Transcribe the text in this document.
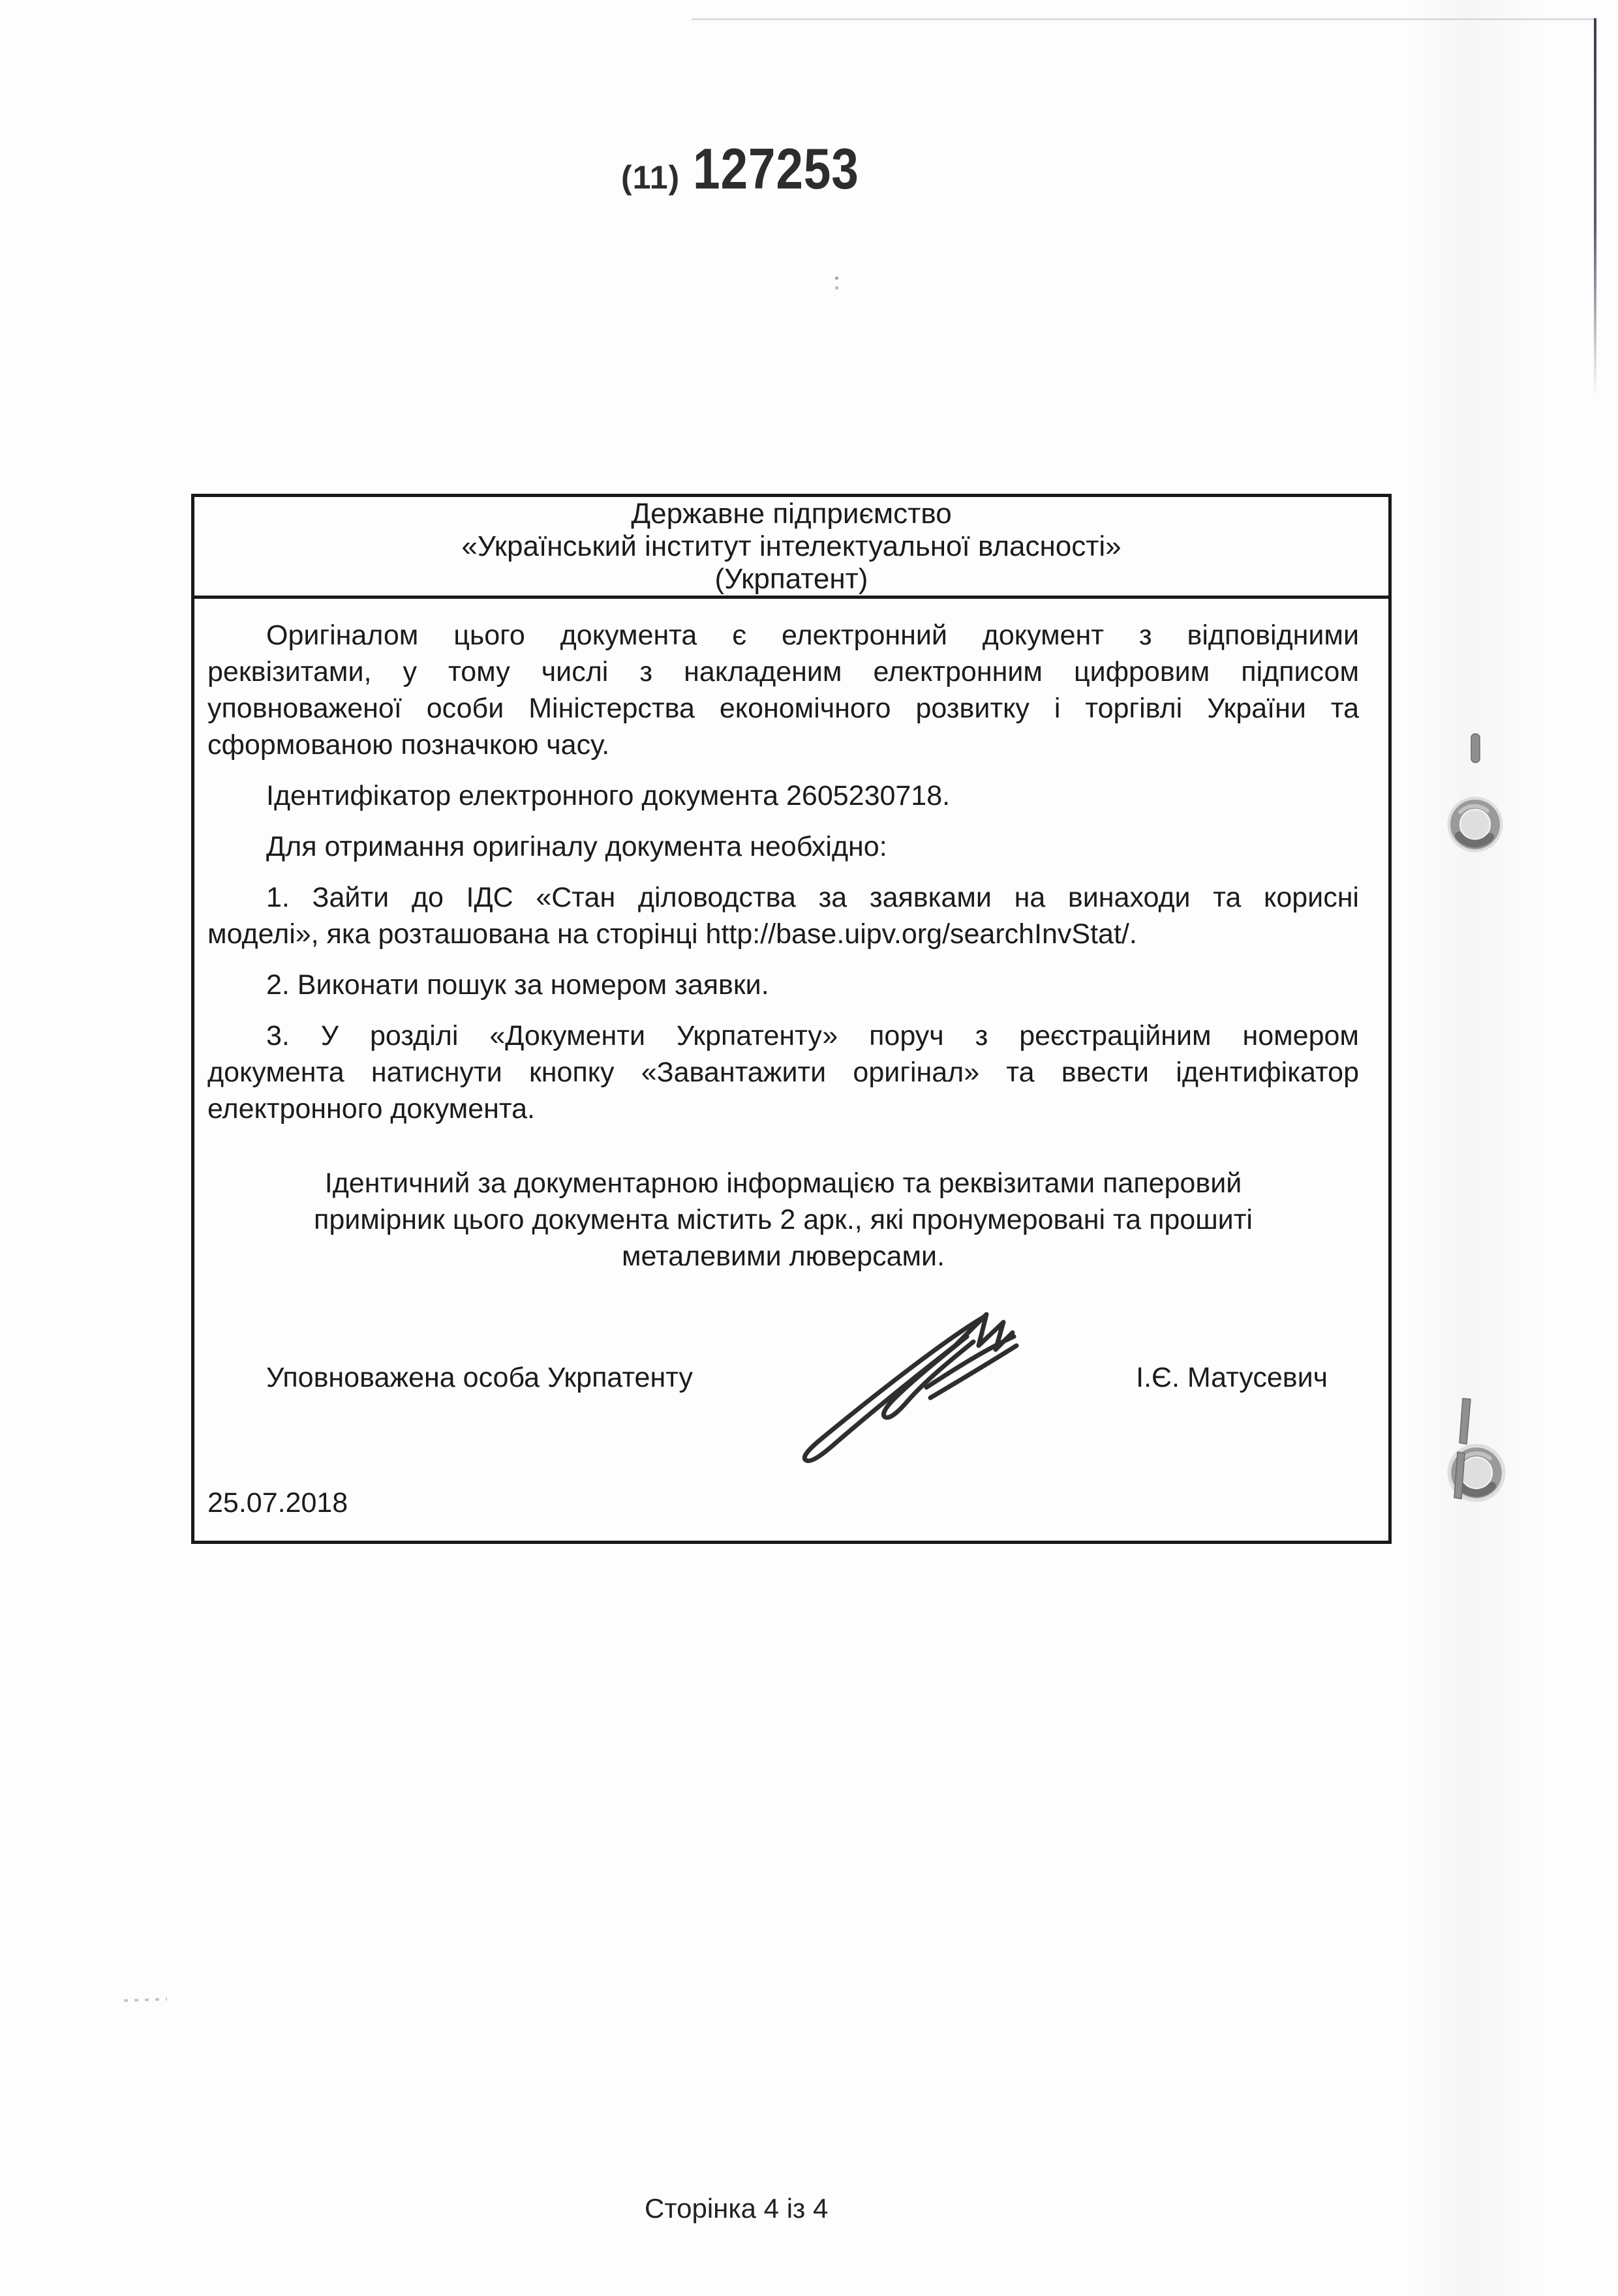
(11) 127253
Державне підприємство
«Український інститут інтелектуальної власності»
(Укрпатент)
Оригіналом цього документа є електронний документ з відповідними
реквізитами, у тому числі з накладеним електронним цифровим підписом
уповноваженої особи Міністерства економічного розвитку і торгівлі України та
сформованою позначкою часу.
Ідентифікатор електронного документа 2605230718.
Для отримання оригіналу документа необхідно:
1. Зайти до ІДС «Стан діловодства за заявками на винаходи та корисні
моделі», яка розташована на сторінці http://base.uipv.org/searchInvStat/.
2. Виконати пошук за номером заявки.
3. У розділі «Документи Укрпатенту» поруч з реєстраційним номером
документа натиснути кнопку «Завантажити оригінал» та ввести ідентифікатор
електронного документа.
Ідентичний за документарною інформацією та реквізитами паперовий
примірник цього документа містить 2 арк., які пронумеровані та прошиті
металевими люверсами.
Уповноважена особа Укрпатенту	І.Є. Матусевич
25.07.2018
Сторінка 4 із 4
